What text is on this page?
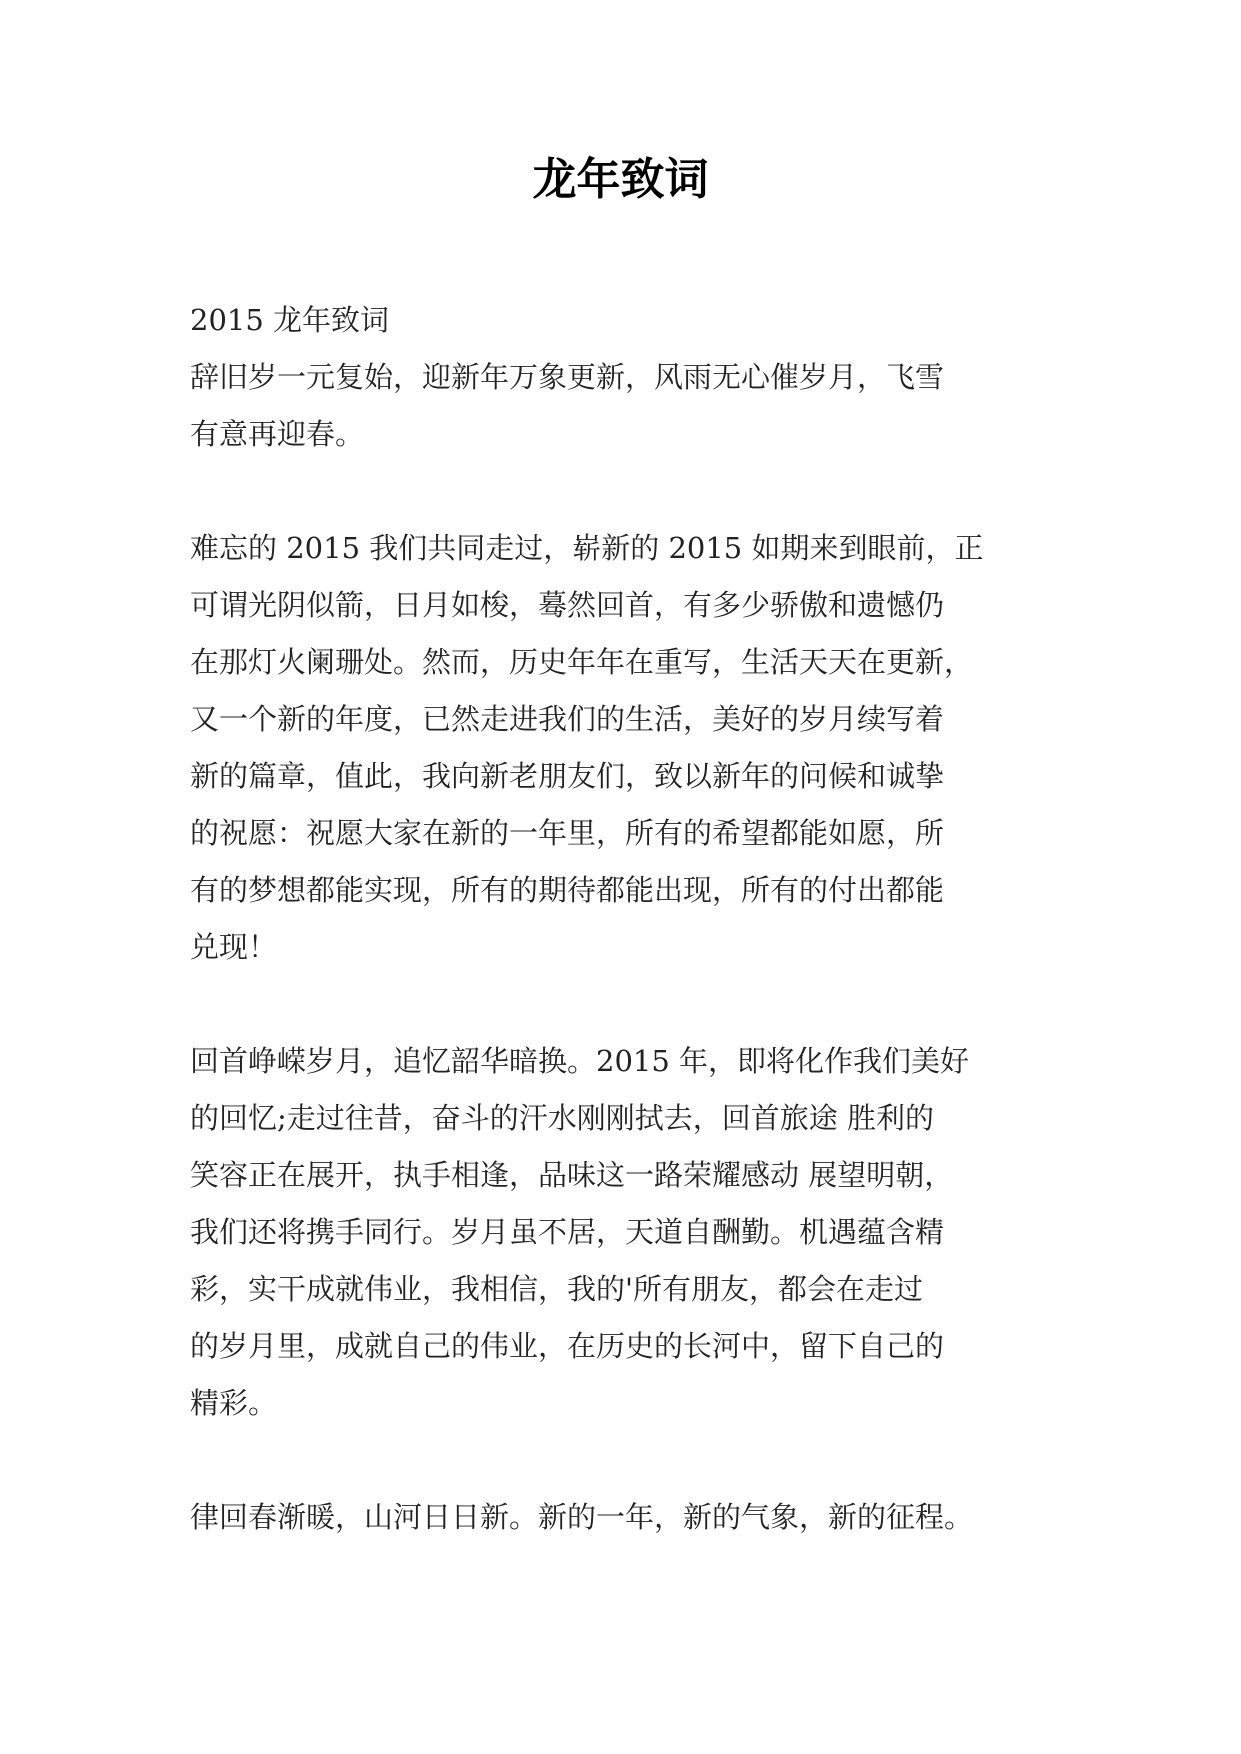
龙年致词
2015 龙年致词
辞旧岁一元复始，迎新年万象更新，风雨无心催岁月，飞雪
有意再迎春。
难忘的 2015 我们共同走过，崭新的 2015 如期来到眼前，正
可谓光阴似箭，日月如梭，蓦然回首，有多少骄傲和遗憾仍
在那灯火阑珊处。然而，历史年年在重写，生活天天在更新，
又一个新的年度，已然走进我们的生活，美好的岁月续写着
新的篇章，值此，我向新老朋友们，致以新年的问候和诚挚
的祝愿：祝愿大家在新的一年里，所有的希望都能如愿，所
有的梦想都能实现，所有的期待都能出现，所有的付出都能
兑现！
回首峥嵘岁月，追忆韶华暗换。2015 年，即将化作我们美好
的回忆;走过往昔，奋斗的汗水刚刚拭去，回首旅途 胜利的
笑容正在展开，执手相逢，品味这一路荣耀感动 展望明朝，
我们还将携手同行。岁月虽不居，天道自酬勤。机遇蕴含精
彩，实干成就伟业，我相信，我的'所有朋友，都会在走过
的岁月里，成就自己的伟业，在历史的长河中，留下自己的
精彩。
律回春渐暖，山河日日新。新的一年，新的气象，新的征程。
